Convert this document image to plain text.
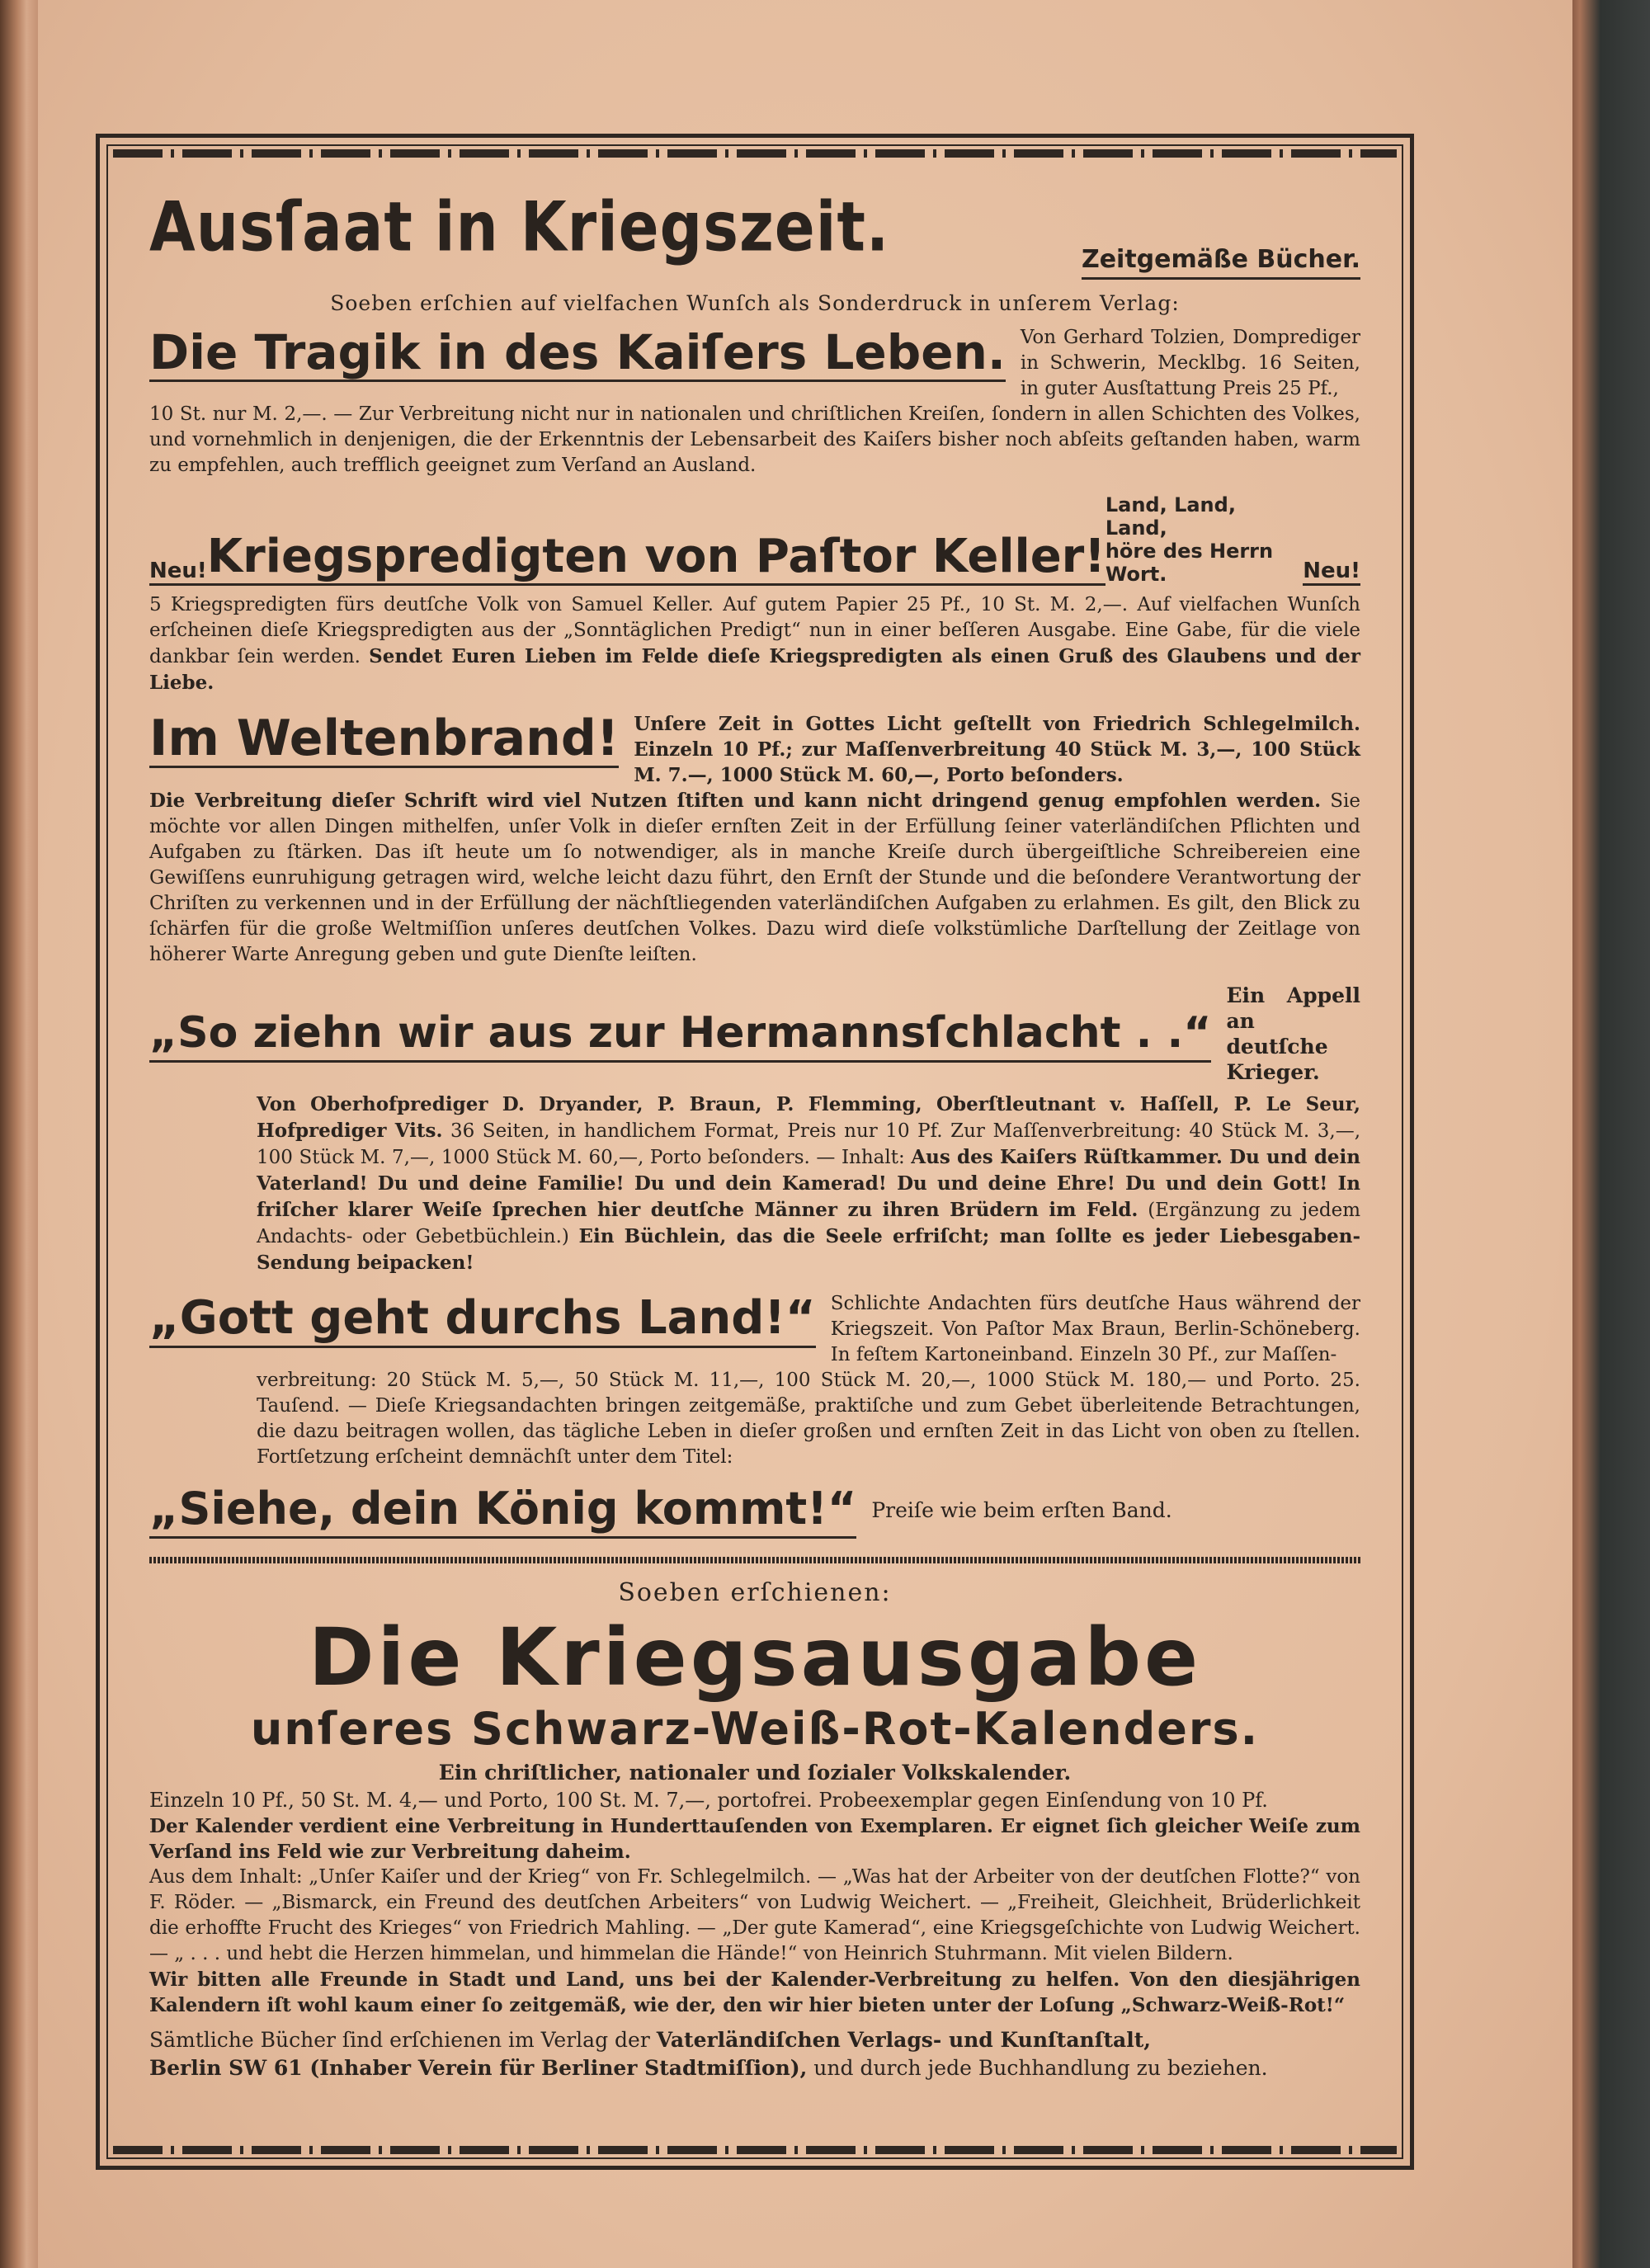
Ausſaat in Kriegszeit.	Zeitgemäße Bücher.
Soeben erſchien auf vielfachen Wunſch als Sonderdruck in unſerem Verlag:
Die Tragik in des Kaiſers Leben. Von Gerhard Tolzien, Domprediger in Schwerin, Mecklbg. 16 Seiten, in guter Ausſtattung Preis 25 Pf.,

10 St. nur M. 2,—. — Zur Verbreitung nicht nur in nationalen und chriſtlichen Kreiſen, ſondern in allen Schichten des Volkes, und vornehmlich in denjenigen, die der Erkenntnis der Lebensarbeit des Kaiſers bisher noch abſeits geſtanden haben, warm zu empfehlen, auch trefflich geeignet zum Verſand an Ausland.

Neu! Kriegspredigten von Paſtor Keller!
Land, Land, Land,
höre des Herrn Wort.	Neu!

5 Kriegspredigten fürs deutſche Volk von Samuel Keller. Auf gutem Papier 25 Pf., 10 St. M. 2,—. Auf vielfachen Wunſch erſcheinen dieſe Kriegspredigten aus der „Sonntäglichen Predigt“ nun in einer beſſeren Ausgabe. Eine Gabe, für die viele dankbar ſein werden. Sendet Euren Lieben im Felde dieſe Kriegspredigten als einen Gruß des Glaubens und der Liebe.

Im Weltenbrand! Unſere Zeit in Gottes Licht geſtellt von Friedrich Schlegelmilch. Einzeln 10 Pf.; zur Maſſenverbreitung 40 Stück M. 3,—, 100 Stück M. 7.—, 1000 Stück M. 60,—, Porto beſonders.

Die Verbreitung dieſer Schrift wird viel Nutzen ſtiften und kann nicht dringend genug empfohlen werden. Sie möchte vor allen Dingen mithelfen, unſer Volk in dieſer ernſten Zeit in der Erfüllung ſeiner vaterländiſchen Pflichten und Aufgaben zu ſtärken. Das iſt heute um ſo notwendiger, als in manche Kreiſe durch übergeiſtliche Schreibereien eine Gewiſſens eunruhigung getragen wird, welche leicht dazu führt, den Ernſt der Stunde und die beſondere Verantwortung der Chriſten zu verkennen und in der Erfüllung der nächſtliegenden vaterländiſchen Aufgaben zu erlahmen. Es gilt, den Blick zu ſchärfen für die große Weltmiſſion unſeres deutſchen Volkes. Dazu wird dieſe volkstümliche Darſtellung der Zeitlage von höherer Warte Anregung geben und gute Dienſte leiſten.

„So ziehn wir aus zur Hermannsſchlacht . .“
Ein Appell an
deutſche Krieger.

Von Oberhofprediger D. Dryander, P. Braun, P. Flemming, Oberſtleutnant v. Haſſell, P. Le Seur, Hofprediger Vits. 36 Seiten, in handlichem Format, Preis nur 10 Pf. Zur Maſſenverbreitung: 40 Stück M. 3,—, 100 Stück M. 7,—, 1000 Stück M. 60,—, Porto beſonders. — Inhalt: Aus des Kaiſers Rüſtkammer. Du und dein Vaterland! Du und deine Familie! Du und dein Kamerad! Du und deine Ehre! Du und dein Gott! In friſcher klarer Weiſe ſprechen hier deutſche Männer zu ihren Brüdern im Feld. (Ergänzung zu jedem Andachts- oder Gebetbüchlein.) Ein Büchlein, das die Seele erfriſcht; man ſollte es jeder Liebesgaben-Sendung beipacken!

„Gott geht durchs Land!“ Schlichte Andachten fürs deutſche Haus während der Kriegszeit. Von Paſtor Max Braun, Berlin-Schöneberg. In feſtem Kartoneinband. Einzeln 30 Pf., zur Maſſen-

verbreitung: 20 Stück M. 5,—, 50 Stück M. 11,—, 100 Stück M. 20,—, 1000 Stück M. 180,— und Porto. 25. Tauſend. — Dieſe Kriegsandachten bringen zeitgemäße, praktiſche und zum Gebet überleitende Betrachtungen, die dazu beitragen wollen, das tägliche Leben in dieſer großen und ernſten Zeit in das Licht von oben zu ſtellen. Fortſetzung erſcheint demnächſt unter dem Titel:

„Siehe, dein König kommt!“ Preiſe wie beim erſten Band.
Soeben erſchienen:
Die Kriegsausgabe
unſeres Schwarz-Weiß-Rot-Kalenders.
Ein chriſtlicher, nationaler und ſozialer Volkskalender.

Einzeln 10 Pf., 50 St. M. 4,— und Porto, 100 St. M. 7,—, portofrei. Probeexemplar gegen Einſendung von 10 Pf.

Der Kalender verdient eine Verbreitung in Hunderttauſenden von Exemplaren. Er eignet ſich gleicher Weiſe zum Verſand ins Feld wie zur Verbreitung daheim.

Aus dem Inhalt: „Unſer Kaiſer und der Krieg“ von Fr. Schlegelmilch. — „Was hat der Arbeiter von der deutſchen Flotte?“ von F. Röder. — „Bismarck, ein Freund des deutſchen Arbeiters“ von Ludwig Weichert. — „Freiheit, Gleichheit, Brüderlichkeit die erhoffte Frucht des Krieges“ von Friedrich Mahling. — „Der gute Kamerad“, eine Kriegsgeſchichte von Ludwig Weichert. — „ . . . und hebt die Herzen himmelan, und himmelan die Hände!“ von Heinrich Stuhrmann. Mit vielen Bildern.

Wir bitten alle Freunde in Stadt und Land, uns bei der Kalender-Verbreitung zu helfen. Von den diesjährigen Kalendern iſt wohl kaum einer ſo zeitgemäß, wie der, den wir hier bieten unter der Loſung „Schwarz-Weiß-Rot!“

Sämtliche Bücher ſind erſchienen im Verlag der Vaterländiſchen Verlags- und Kunſtanſtalt,

Berlin SW 61 (Inhaber Verein für Berliner Stadtmiſſion), und durch jede Buchhandlung zu beziehen.
